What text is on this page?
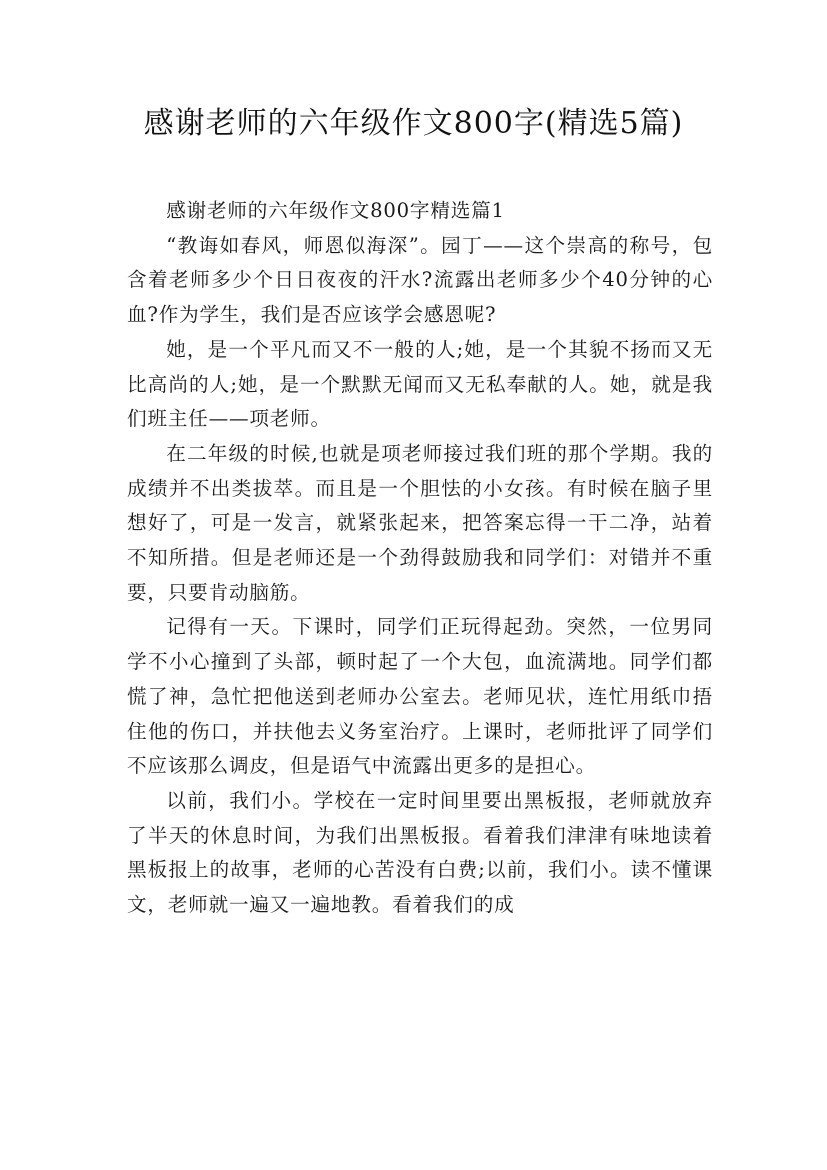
感谢老师的六年级作文800字(精选5篇)

感谢老师的六年级作文800字精选篇1

“教诲如春风，师恩似海深”。园丁——这个崇高的称号，包含着老师多少个日日夜夜的汗水?流露出老师多少个40分钟的心血?作为学生，我们是否应该学会感恩呢?

她，是一个平凡而又不一般的人;她，是一个其貌不扬而又无比高尚的人;她，是一个默默无闻而又无私奉献的人。她，就是我们班主任——项老师。

在二年级的时候,也就是项老师接过我们班的那个学期。我的成绩并不出类拔萃。而且是一个胆怯的小女孩。有时候在脑子里想好了，可是一发言，就紧张起来，把答案忘得一干二净，站着不知所措。但是老师还是一个劲得鼓励我和同学们：对错并不重要，只要肯动脑筋。

记得有一天。下课时，同学们正玩得起劲。突然，一位男同学不小心撞到了头部，顿时起了一个大包，血流满地。同学们都慌了神，急忙把他送到老师办公室去。老师见状，连忙用纸巾捂住他的伤口，并扶他去义务室治疗。上课时，老师批评了同学们不应该那么调皮，但是语气中流露出更多的是担心。

以前，我们小。学校在一定时间里要出黑板报，老师就放弃了半天的休息时间，为我们出黑板报。看着我们津津有味地读着黑板报上的故事，老师的心苦没有白费;以前，我们小。读不懂课文，老师就一遍又一遍地教。看着我们的成
